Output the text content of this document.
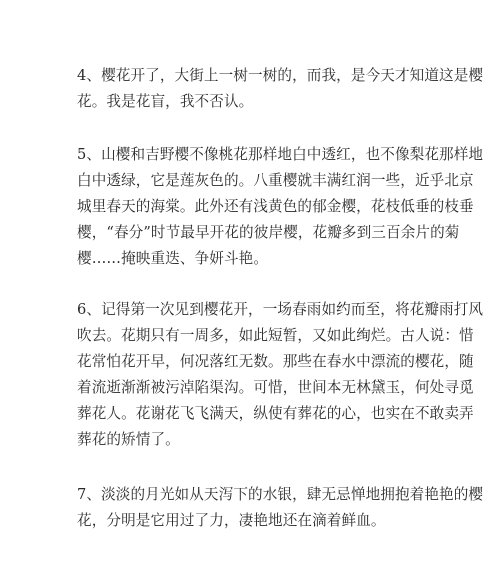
4、樱花开了，大街上一树一树的，而我，是今天才知道这是樱
花。我是花盲，我不否认。

5、山樱和吉野樱不像桃花那样地白中透红，也不像梨花那样地
白中透绿，它是莲灰色的。八重樱就丰满红润一些，近乎北京
城里春天的海棠。此外还有浅黄色的郁金樱，花枝低垂的枝垂
樱，“春分”时节最早开花的彼岸樱，花瓣多到三百余片的菊
樱……掩映重迭、争妍斗艳。

6、记得第一次见到樱花开，一场春雨如约而至，将花瓣雨打风
吹去。花期只有一周多，如此短暂，又如此绚烂。古人说：惜
花常怕花开早，何况落红无数。那些在春水中漂流的樱花，随
着流逝渐渐被污淖陷渠沟。可惜，世间本无林黛玉，何处寻觅
葬花人。花谢花飞飞满天，纵使有葬花的心，也实在不敢卖弄
葬花的矫情了。

7、淡淡的月光如从天泻下的水银，肆无忌惮地拥抱着艳艳的樱
花，分明是它用过了力，凄艳地还在滴着鲜血。
